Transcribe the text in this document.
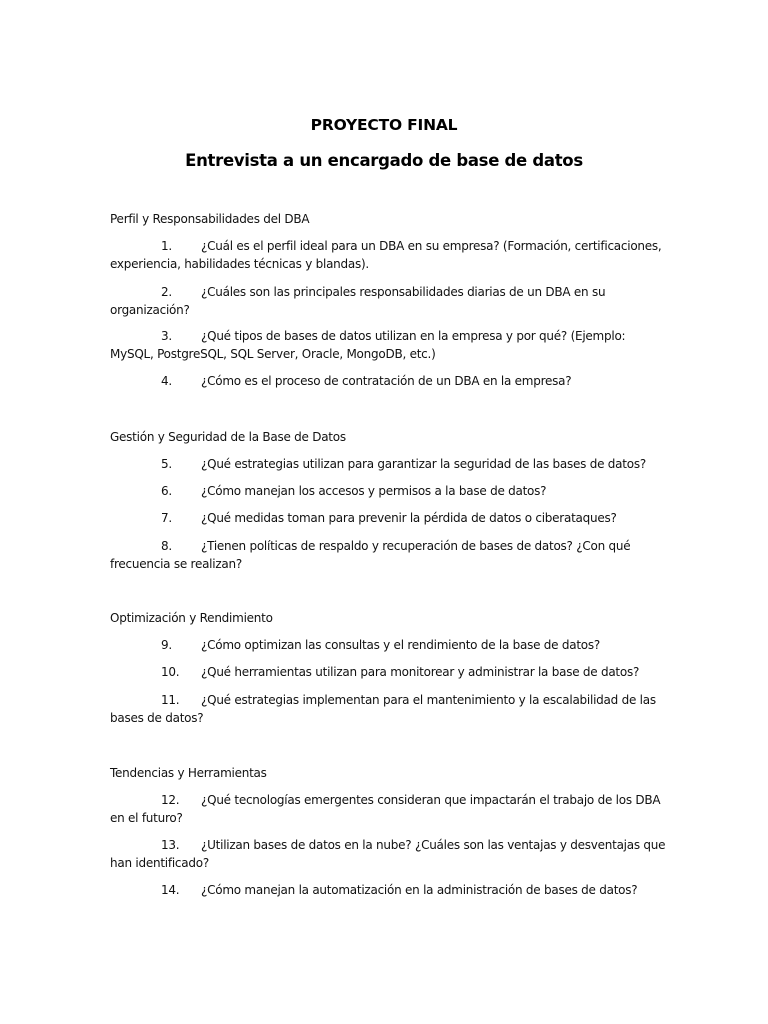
PROYECTO FINAL
Entrevista a un encargado de base de datos
Perfil y Responsabilidades del DBA
1. ¿Cuál es el perfil ideal para un DBA en su empresa? (Formación, certificaciones,
experiencia, habilidades técnicas y blandas).
2. ¿Cuáles son las principales responsabilidades diarias de un DBA en su
organización?
3. ¿Qué tipos de bases de datos utilizan en la empresa y por qué? (Ejemplo:
MySQL, PostgreSQL, SQL Server, Oracle, MongoDB, etc.)
4. ¿Cómo es el proceso de contratación de un DBA en la empresa?
Gestión y Seguridad de la Base de Datos
5. ¿Qué estrategias utilizan para garantizar la seguridad de las bases de datos?
6. ¿Cómo manejan los accesos y permisos a la base de datos?
7. ¿Qué medidas toman para prevenir la pérdida de datos o ciberataques?
8. ¿Tienen políticas de respaldo y recuperación de bases de datos? ¿Con qué
frecuencia se realizan?
Optimización y Rendimiento
9. ¿Cómo optimizan las consultas y el rendimiento de la base de datos?
10. ¿Qué herramientas utilizan para monitorear y administrar la base de datos?
11. ¿Qué estrategias implementan para el mantenimiento y la escalabilidad de las
bases de datos?
Tendencias y Herramientas
12. ¿Qué tecnologías emergentes consideran que impactarán el trabajo de los DBA
en el futuro?
13. ¿Utilizan bases de datos en la nube? ¿Cuáles son las ventajas y desventajas que
han identificado?
14. ¿Cómo manejan la automatización en la administración de bases de datos?
